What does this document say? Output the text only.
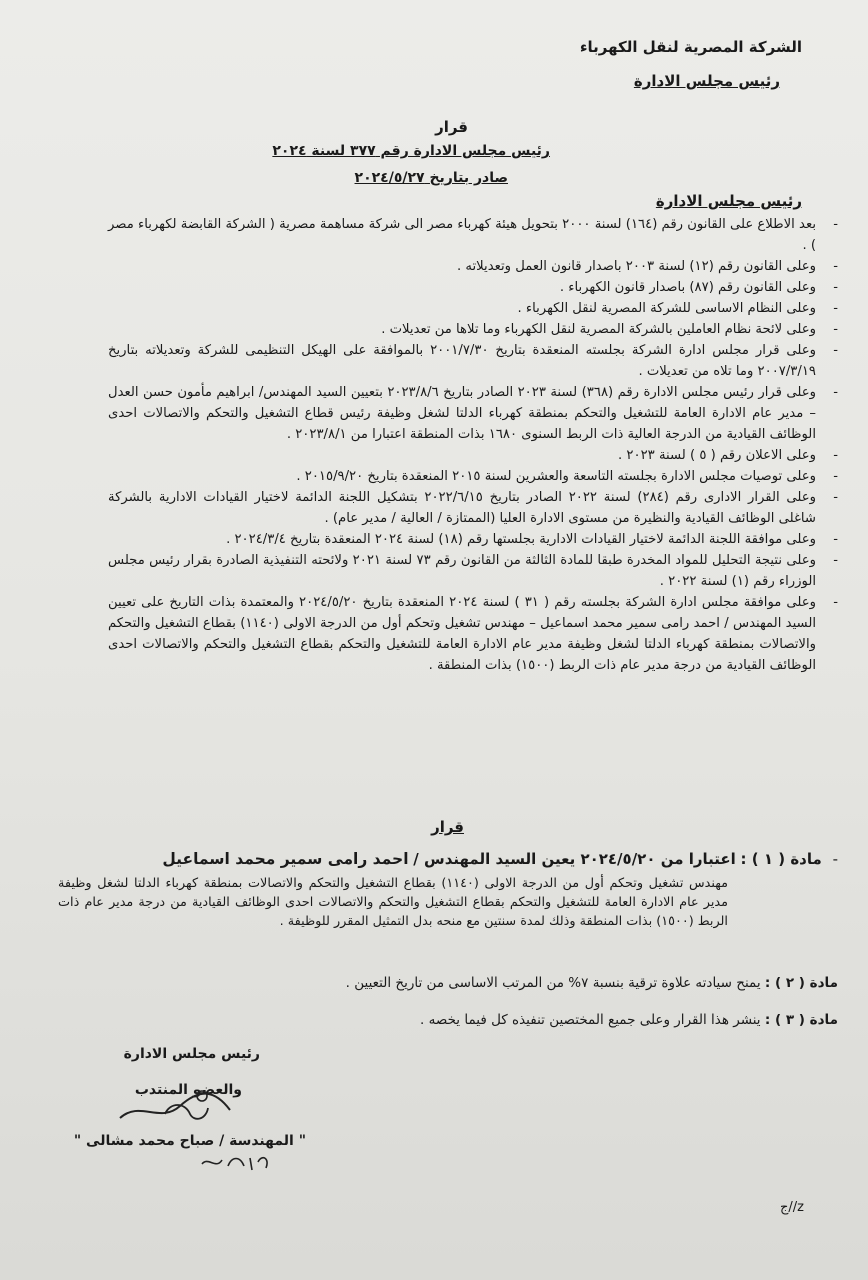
الشركة المصرية لنقل الكهرباء
رئيس مجلس الادارة
قرار
رئيس مجلس الادارة رقم ٣٧٧ لسنة ٢٠٢٤
صادر بتاريخ ٢٠٢٤/٥/٢٧
رئيس مجلس الادارة
-

بعد الاطلاع على القانون رقم (١٦٤) لسنة ٢٠٠٠ بتحويل هيئة كهرباء مصر الى شركة مساهمة مصرية ( الشركة القابضة لكهرباء مصر ) .

-

وعلى القانون رقم (١٢) لسنة ٢٠٠٣ باصدار قانون العمل وتعديلاته .

-

وعلى القانون رقم (٨٧) باصدار قانون الكهرباء .

-

وعلى النظام الاساسى للشركة المصرية لنقل الكهرباء .

-

وعلى لائحة نظام العاملين بالشركة المصرية لنقل الكهرباء وما تلاها من تعديلات .

-

وعلى قرار مجلس ادارة الشركة بجلسته المنعقدة بتاريخ ٢٠٠١/٧/٣٠ بالموافقة على الهيكل التنظيمى للشركة وتعديلاته بتاريخ ٢٠٠٧/٣/١٩ وما تلاه من تعديلات .

-

وعلى قرار رئيس مجلس الادارة رقم (٣٦٨) لسنة ٢٠٢٣ الصادر بتاريخ ٢٠٢٣/٨/٦ بتعيين السيد المهندس/ ابراهيم مأمون حسن العدل – مدير عام الادارة العامة للتشغيل والتحكم بمنطقة كهرباء الدلتا لشغل وظيفة رئيس قطاع التشغيل والتحكم والاتصالات احدى الوظائف القيادية من الدرجة العالية ذات الربط السنوى ١٦٨٠ بذات المنطقة اعتبارا من ٢٠٢٣/٨/١ .

-

وعلى الاعلان رقم ( ٥ ) لسنة ٢٠٢٣ .

-

وعلى توصيات مجلس الادارة بجلسته التاسعة والعشرين لسنة ٢٠١٥ المنعقدة بتاريخ ٢٠١٥/٩/٢٠ .

-

وعلى القرار الادارى رقم (٢٨٤) لسنة ٢٠٢٢ الصادر بتاريخ ٢٠٢٢/٦/١٥ بتشكيل اللجنة الدائمة لاختيار القيادات الادارية بالشركة شاغلى الوظائف القيادية والنظيرة من مستوى الادارة العليا (الممتازة / العالية / مدير عام) .

-

وعلى موافقة اللجنة الدائمة لاختيار القيادات الادارية بجلستها رقم (١٨) لسنة ٢٠٢٤ المنعقدة بتاريخ ٢٠٢٤/٣/٤ .

-

وعلى نتيجة التحليل للمواد المخدرة طبقا للمادة الثالثة من القانون رقم ٧٣ لسنة ٢٠٢١ ولائحته التنفيذية الصادرة بقرار رئيس مجلس الوزراء رقم (١) لسنة ٢٠٢٢ .

-

وعلى موافقة مجلس ادارة الشركة بجلسته رقم ( ٣١ ) لسنة ٢٠٢٤ المنعقدة بتاريخ ٢٠٢٤/٥/٢٠ والمعتمدة بذات التاريخ على تعيين السيد المهندس / احمد رامى سمير محمد اسماعيل – مهندس تشغيل وتحكم أول من الدرجة الاولى (١١٤٠) بقطاع التشغيل والتحكم والاتصالات بمنطقة كهرباء الدلتا لشغل وظيفة مدير عام الادارة العامة للتشغيل والتحكم بقطاع التشغيل والتحكم والاتصالات احدى الوظائف القيادية من درجة مدير عام ذات الربط (١٥٠٠) بذات المنطقة .

قرار
- مادة ( ١ ) : اعتبارا من ٢٠٢٤/٥/٢٠ يعين السيد المهندس / احمد رامى سمير محمد اسماعيل
مهندس تشغيل وتحكم أول من الدرجة الاولى (١١٤٠) بقطاع التشغيل والتحكم والاتصالات بمنطقة كهرباء الدلتا لشغل وظيفة مدير عام الادارة العامة للتشغيل والتحكم بقطاع التشغيل والتحكم والاتصالات احدى الوظائف القيادية من درجة مدير عام ذات الربط (١٥٠٠) بذات المنطقة وذلك لمدة سنتين مع منحه بدل التمثيل المقرر للوظيفة .
مادة ( ٢ ) : يمنح سيادته علاوة ترقية بنسبة ٧% من المرتب الاساسى من تاريخ التعيين .
مادة ( ٣ ) : ينشر هذا القرار وعلى جميع المختصين تنفيذه كل فيما يخصه .
رئيس مجلس الادارة
والعضو المنتدب
" المهندسة / صباح محمد مشالى "
ج//z
